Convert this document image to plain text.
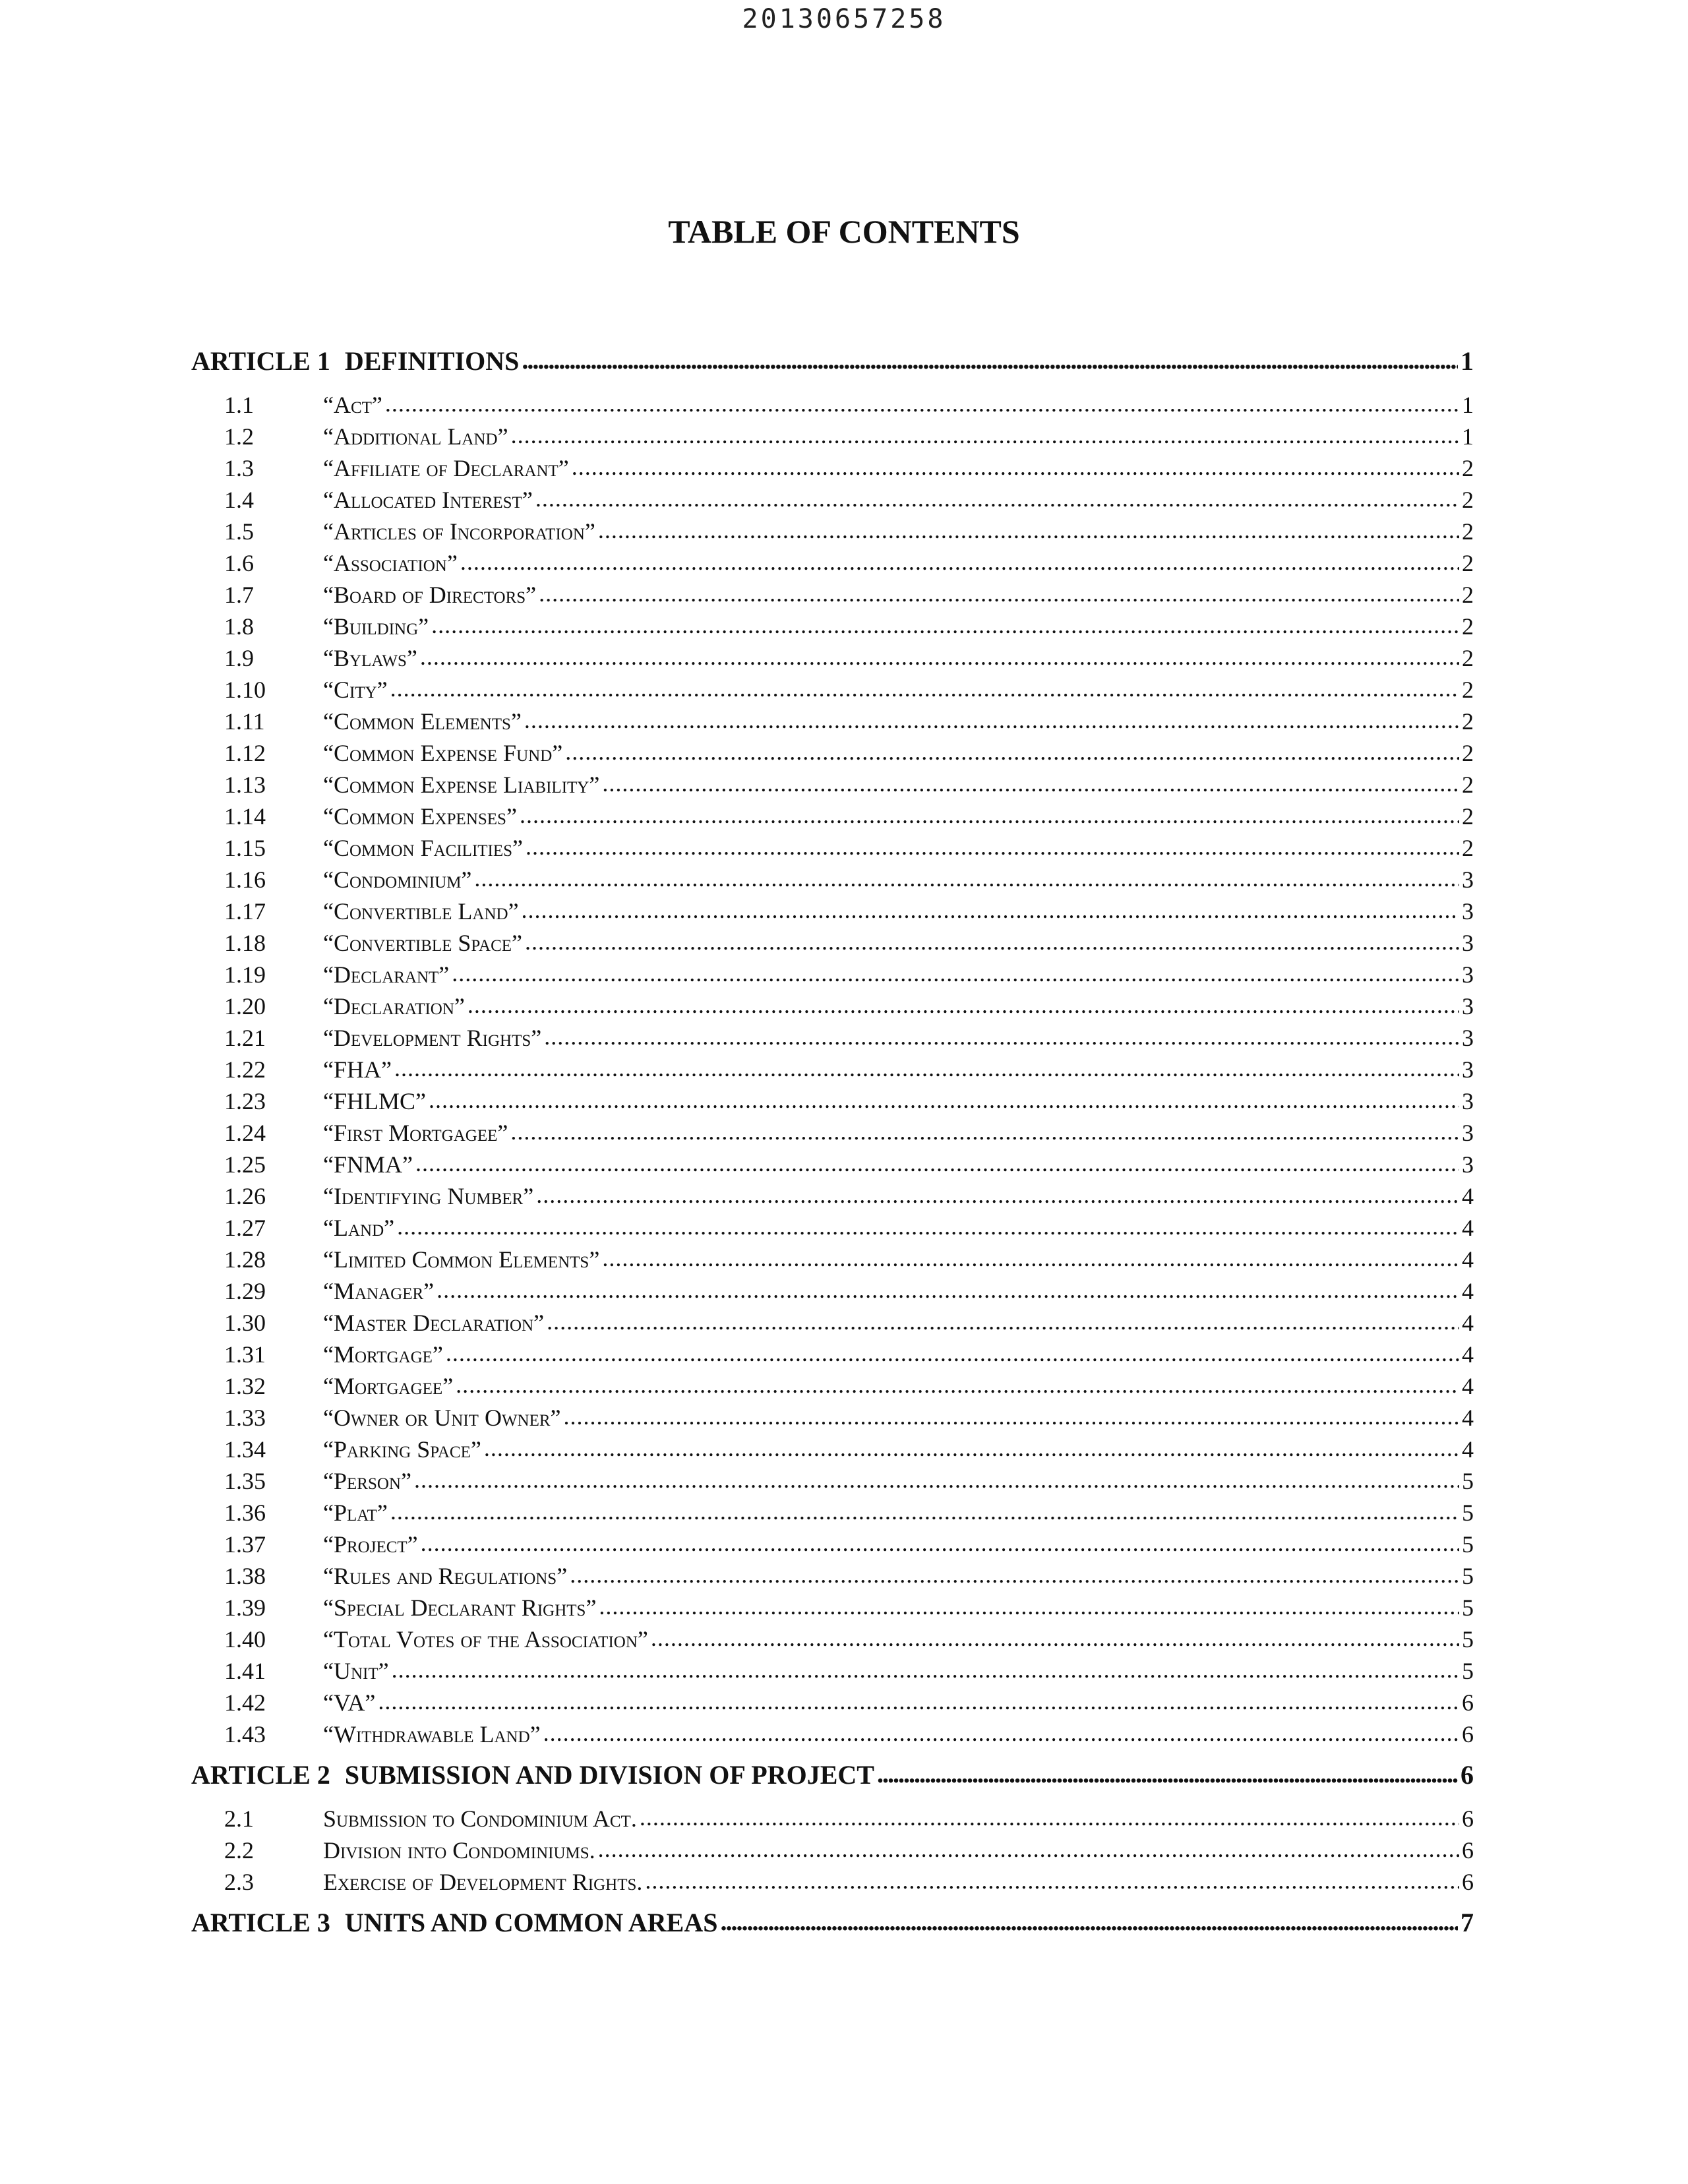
20130657258
TABLE OF CONTENTS
ARTICLE 1 DEFINITIONS . . .	1
1.1	“Act” . . .	1
1.2	“Additional Land” . . .	1
1.3	“Affiliate of Declarant” . . .	2
1.4	“Allocated Interest” . . .	2
1.5	“Articles of Incorporation” . . .	2
1.6	“Association” . . .	2
1.7	“Board of Directors” . . .	2
1.8	“Building” . . .	2
1.9	“Bylaws” . . .	2
1.10	“City” . . .	2
1.11	“Common Elements” . . .	2
1.12	“Common Expense Fund” . . .	2
1.13	“Common Expense Liability” . . .	2
1.14	“Common Expenses” . . .	2
1.15	“Common Facilities” . . .	2
1.16	“Condominium” . . .	3
1.17	“Convertible Land” . . .	3
1.18	“Convertible Space” . . .	3
1.19	“Declarant” . . .	3
1.20	“Declaration” . . .	3
1.21	“Development Rights” . . .	3
1.22	“FHA” . . .	3
1.23	“FHLMC” . . .	3
1.24	“First Mortgagee” . . .	3
1.25	“FNMA” . . .	3
1.26	“Identifying Number” . . .	4
1.27	“Land” . . .	4
1.28	“Limited Common Elements” . . .	4
1.29	“Manager” . . .	4
1.30	“Master Declaration” . . .	4
1.31	“Mortgage” . . .	4
1.32	“Mortgagee” . . .	4
1.33	“Owner or Unit Owner” . . .	4
1.34	“Parking Space” . . .	4
1.35	“Person” . . .	5
1.36	“Plat” . . .	5
1.37	“Project” . . .	5
1.38	“Rules and Regulations” . . .	5
1.39	“Special Declarant Rights” . . .	5
1.40	“Total Votes of the Association” . . .	5
1.41	“Unit” . . .	5
1.42	“VA” . . .	6
1.43	“Withdrawable Land” . . .	6
ARTICLE 2 SUBMISSION AND DIVISION OF PROJECT . . .	6
2.1	Submission to Condominium Act. . . .	6
2.2	Division into Condominiums. . . .	6
2.3	Exercise of Development Rights. . . .	6
ARTICLE 3 UNITS AND COMMON AREAS . . .	7
